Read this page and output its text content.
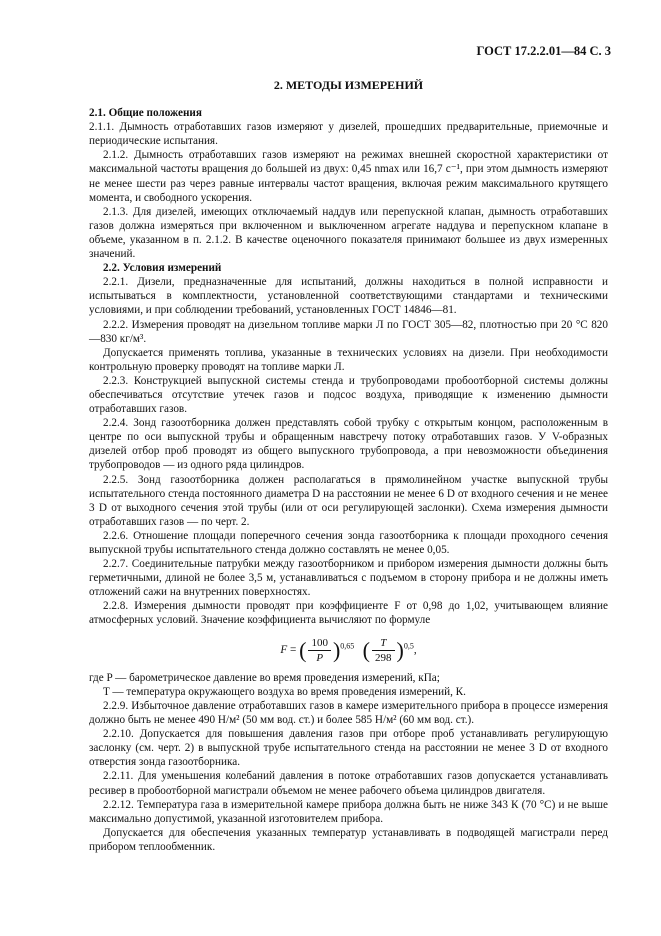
ГОСТ 17.2.2.01—84 С. 3
2. МЕТОДЫ ИЗМЕРЕНИЙ

2.1. Общие положения

2.1.1. Дымность отработавших газов измеряют у дизелей, прошедших предварительные, приемочные и периодические испытания.

2.1.2. Дымность отработавших газов измеряют на режимах внешней скоростной характеристики от максимальной частоты вращения до большей из двух: 0,45 nmax или 16,7 с⁻¹, при этом дымность измеряют не менее шести раз через равные интервалы частот вращения, включая режим максимального крутящего момента, и свободного ускорения.

2.1.3. Для дизелей, имеющих отключаемый наддув или перепускной клапан, дымность отработавших газов должна измеряться при включенном и выключенном агрегате наддува и перепускном клапане в объеме, указанном в п. 2.1.2. В качестве оценочного показателя принимают большее из двух измеренных значений.

2.2. Условия измерений

2.2.1. Дизели, предназначенные для испытаний, должны находиться в полной исправности и испытываться в комплектности, установленной соответствующими стандартами и техническими условиями, и при соблюдении требований, установленных ГОСТ 14846—81.

2.2.2. Измерения проводят на дизельном топливе марки Л по ГОСТ 305—82, плотностью при 20 °С 820—830 кг/м³.

Допускается применять топлива, указанные в технических условиях на дизели. При необходимости контрольную проверку проводят на топливе марки Л.

2.2.3. Конструкцией выпускной системы стенда и трубопроводами пробоотборной системы должны обеспечиваться отсутствие утечек газов и подсос воздуха, приводящие к изменению дымности отработавших газов.

2.2.4. Зонд газоотборника должен представлять собой трубку с открытым концом, расположенным в центре по оси выпускной трубы и обращенным навстречу потоку отработавших газов. У V-образных дизелей отбор проб проводят из общего выпускного трубопровода, а при невозможности объединения трубопроводов — из одного ряда цилиндров.

2.2.5. Зонд газоотборника должен располагаться в прямолинейном участке выпускной трубы испытательного стенда постоянного диаметра D на расстоянии не менее 6 D от входного сечения и не менее 3 D от выходного сечения этой трубы (или от оси регулирующей заслонки). Схема измерения дымности отработавших газов — по черт. 2.

2.2.6. Отношение площади поперечного сечения зонда газоотборника к площади проходного сечения выпускной трубы испытательного стенда должно составлять не менее 0,05.

2.2.7. Соединительные патрубки между газоотборником и прибором измерения дымности должны быть герметичными, длиной не более 3,5 м, устанавливаться с подъемом в сторону прибора и не должны иметь отложений сажи на внутренних поверхностях.

2.2.8. Измерения дымности проводят при коэффициенте F от 0,98 до 1,02, учитывающем влияние атмосферных условий. Значение коэффициента вычисляют по формуле

F = ( $\frac{100}{P} )^{0,65}$ ( $\frac{T}{298} )^{0,5}$,

где P — барометрическое давление во время проведения измерений, кПа;

T — температура окружающего воздуха во время проведения измерений, К.

2.2.9. Избыточное давление отработавших газов в камере измерительного прибора в процессе измерения должно быть не менее 490 Н/м² (50 мм вод. ст.) и более 585 Н/м² (60 мм вод. ст.).

2.2.10. Допускается для повышения давления газов при отборе проб устанавливать регулирующую заслонку (см. черт. 2) в выпускной трубе испытательного стенда на расстоянии не менее 3 D от входного отверстия зонда газоотборника.

2.2.11. Для уменьшения колебаний давления в потоке отработавших газов допускается устанавливать ресивер в пробоотборной магистрали объемом не менее рабочего объема цилиндров двигателя.

2.2.12. Температура газа в измерительной камере прибора должна быть не ниже 343 К (70 °С) и не выше максимально допустимой, указанной изготовителем прибора.

Допускается для обеспечения указанных температур устанавливать в подводящей магистрали перед прибором теплообменник.
